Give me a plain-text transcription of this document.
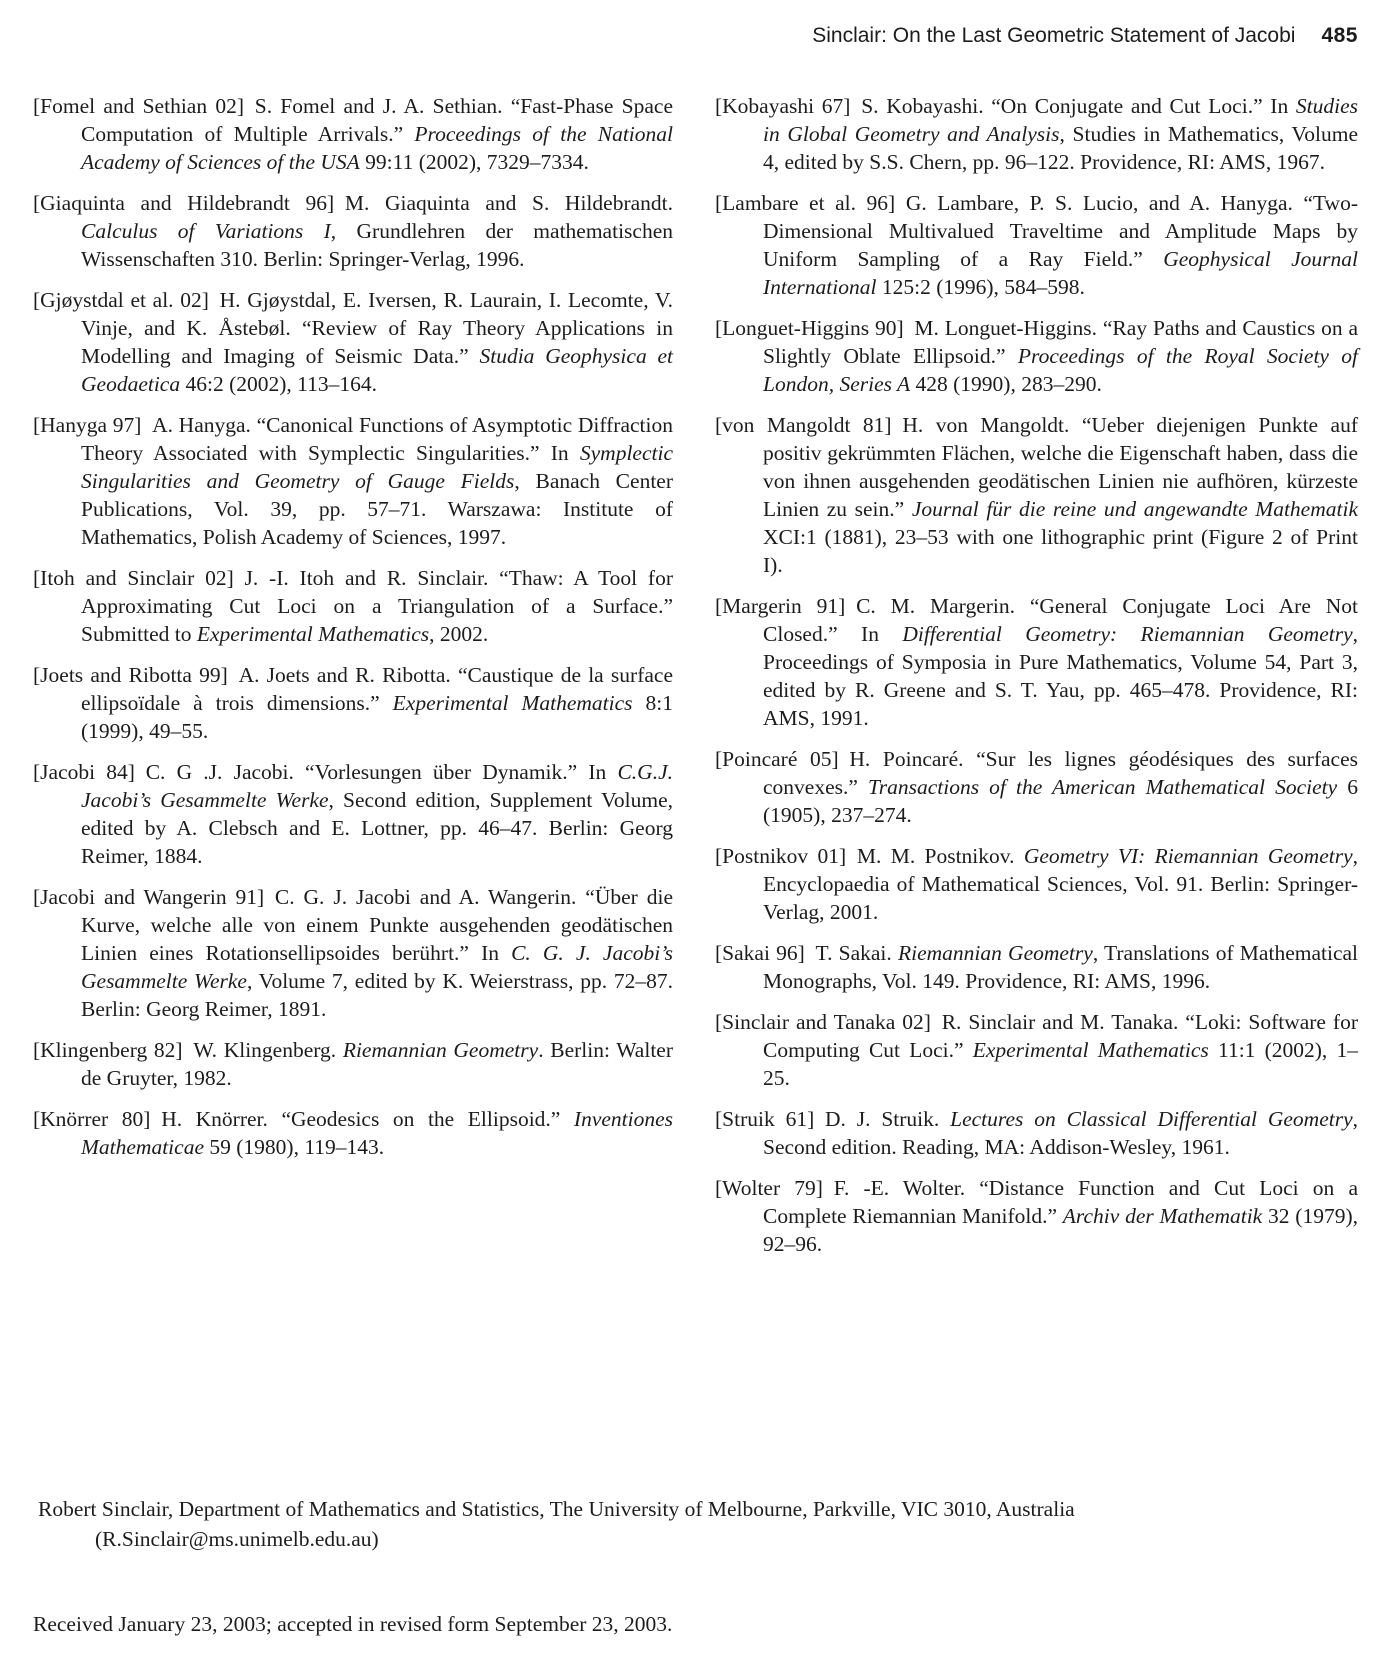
Sinclair: On the Last Geometric Statement of Jacobi 485

[Fomel and Sethian 02]  S. Fomel and J. A. Sethian. “Fast-Phase Space Computation of Multiple Arrivals.” Proceedings of the National Academy of Sciences of the USA 99:11 (2002), 7329–7334.

[Giaquinta and Hildebrandt 96]  M. Giaquinta and S. Hildebrandt. Calculus of Variations I, Grundlehren der mathematischen Wissenschaften 310. Berlin: Springer-Verlag, 1996.

[Gjøystdal et al. 02]  H. Gjøystdal, E. Iversen, R. Laurain, I. Lecomte, V. Vinje, and K. Åstebøl. “Review of Ray Theory Applications in Modelling and Imaging of Seismic Data.” Studia Geophysica et Geodaetica 46:2 (2002), 113–164.

[Hanyga 97]  A. Hanyga. “Canonical Functions of Asymptotic Diffraction Theory Associated with Symplectic Singularities.” In Symplectic Singularities and Geometry of Gauge Fields, Banach Center Publications, Vol. 39, pp. 57–71. Warszawa: Institute of Mathematics, Polish Academy of Sciences, 1997.

[Itoh and Sinclair 02]  J. -I. Itoh and R. Sinclair. “Thaw: A Tool for Approximating Cut Loci on a Triangulation of a Surface.” Submitted to Experimental Mathematics, 2002.

[Joets and Ribotta 99]  A. Joets and R. Ribotta. “Caustique de la surface ellipsoïdale à trois dimensions.” Experimental Mathematics 8:1 (1999), 49–55.

[Jacobi 84]  C. G .J. Jacobi. “Vorlesungen über Dynamik.” In C.G.J. Jacobi’s Gesammelte Werke, Second edition, Supplement Volume, edited by A. Clebsch and E. Lottner, pp. 46–47. Berlin: Georg Reimer, 1884.

[Jacobi and Wangerin 91]  C. G. J. Jacobi and A. Wangerin. “Über die Kurve, welche alle von einem Punkte ausgehenden geodätischen Linien eines Rotationsellipsoides berührt.” In C. G. J. Jacobi’s Gesammelte Werke, Volume 7, edited by K. Weierstrass, pp. 72–87. Berlin: Georg Reimer, 1891.

[Klingenberg 82]  W. Klingenberg. Riemannian Geometry. Berlin: Walter de Gruyter, 1982.

[Knörrer 80]  H. Knörrer. “Geodesics on the Ellipsoid.” Inventiones Mathematicae 59 (1980), 119–143.

[Kobayashi 67]  S. Kobayashi. “On Conjugate and Cut Loci.” In Studies in Global Geometry and Analysis, Studies in Mathematics, Volume 4, edited by S.S. Chern, pp. 96–122. Providence, RI: AMS, 1967.

[Lambare et al. 96]  G. Lambare, P. S. Lucio, and A. Hanyga. “Two-Dimensional Multivalued Traveltime and Amplitude Maps by Uniform Sampling of a Ray Field.” Geophysical Journal International 125:2 (1996), 584–598.

[Longuet-Higgins 90]  M. Longuet-Higgins. “Ray Paths and Caustics on a Slightly Oblate Ellipsoid.” Proceedings of the Royal Society of London, Series A 428 (1990), 283–290.

[von Mangoldt 81]  H. von Mangoldt. “Ueber diejenigen Punkte auf positiv gekrümmten Flächen, welche die Eigenschaft haben, dass die von ihnen ausgehenden geodätischen Linien nie aufhören, kürzeste Linien zu sein.” Journal für die reine und angewandte Mathematik XCI:1 (1881), 23–53 with one lithographic print (Figure 2 of Print I).

[Margerin 91]  C. M. Margerin. “General Conjugate Loci Are Not Closed.” In Differential Geometry: Riemannian Geometry, Proceedings of Symposia in Pure Mathematics, Volume 54, Part 3, edited by R. Greene and S. T. Yau, pp. 465–478. Providence, RI: AMS, 1991.

[Poincaré 05]  H. Poincaré. “Sur les lignes géodésiques des surfaces convexes.” Transactions of the American Mathematical Society 6 (1905), 237–274.

[Postnikov 01]  M. M. Postnikov. Geometry VI: Riemannian Geometry, Encyclopaedia of Mathematical Sciences, Vol. 91. Berlin: Springer-Verlag, 2001.

[Sakai 96]  T. Sakai. Riemannian Geometry, Translations of Mathematical Monographs, Vol. 149. Providence, RI: AMS, 1996.

[Sinclair and Tanaka 02]  R. Sinclair and M. Tanaka. “Loki: Software for Computing Cut Loci.” Experimental Mathematics 11:1 (2002), 1–25.

[Struik 61]  D. J. Struik. Lectures on Classical Differential Geometry, Second edition. Reading, MA: Addison-Wesley, 1961.

[Wolter 79]  F. -E. Wolter. “Distance Function and Cut Loci on a Complete Riemannian Manifold.” Archiv der Mathematik 32 (1979), 92–96.

Robert Sinclair, Department of Mathematics and Statistics, The University of Melbourne, Parkville, VIC 3010, Australia
(R.Sinclair@ms.unimelb.edu.au)
Received January 23, 2003; accepted in revised form September 23, 2003.
